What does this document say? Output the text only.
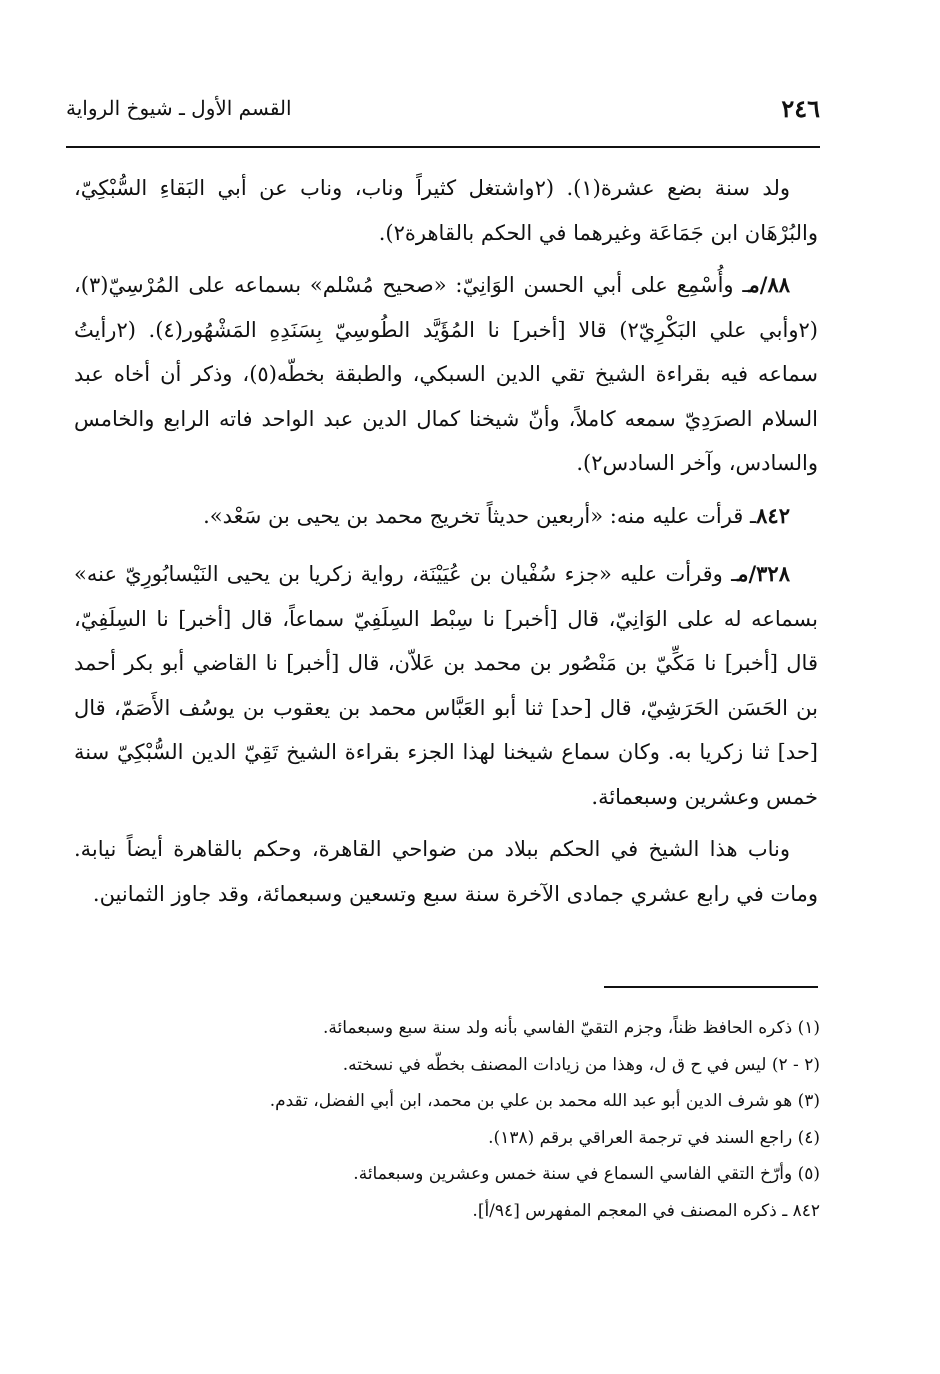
٢٤٦
القسم الأول ـ شيوخ الرواية

ولد سنة بضع عشرة(١). (٢واشتغل كثيراً وناب، وناب عن أبي البَقاءِ السُّبْكِيّ، والبُرْهَان ابن جَمَاعَة وغيرهما في الحكم بالقاهرة٢).

٨٨/مـ وأُسْمِع على أبي الحسن الوَانِيّ: «صحيح مُسْلم» بسماعه على المُرْسِيّ(٣)، (٢وأبي علي البَكْرِيّ٢) قالا [أخبر] نا المُؤَيَّد الطُوسِيّ بِسَنَدِهِ المَشْهُور(٤). (٢رأيتُ سماعه فيه بقراءة الشيخ تقي الدين السبكي، والطبقة بخطّه(٥)، وذكر أن أخاه عبد السلام الصرَدِيّ سمعه كاملاً، وأنّ شيخنا كمال الدين عبد الواحد فاته الرابع والخامس والسادس، وآخر السادس٢).

٨٤٢ـ قرأت عليه منه: «أربعين حديثاً تخريج محمد بن يحيى بن سَعْد».

٣٢٨/مـ وقرأت عليه «جزء سُفْيان بن عُيَيْنَة، رواية زكريا بن يحيى النَيْسابُورِيّ عنه» بسماعه له على الوَانِيّ، قال [أخبر] نا سِبْط السِلَفِيّ سماعاً، قال [أخبر] نا السِلَفِيّ، قال [أخبر] نا مَكِّيّ بن مَنْصُور بن محمد بن عَلاّن، قال [أخبر] نا القاضي أبو بكر أحمد بن الحَسَن الحَرَشِيّ، قال [حد] ثنا أبو العَبَّاس محمد بن يعقوب بن يوسُف الأَصَمّ، قال [حد] ثنا زكريا به. وكان سماع شيخنا لهذا الجزء بقراءة الشيخ تَقِيّ الدين السُّبْكِيّ سنة خمس وعشرين وسبعمائة.

وناب هذا الشيخ في الحكم ببلاد من ضواحي القاهرة، وحكم بالقاهرة أيضاً نيابة. ومات في رابع عشري جمادى الآخرة سنة سبع وتسعين وسبعمائة، وقد جاوز الثمانين.

(١) ذكره الحافظ ظناً، وجزم التقيّ الفاسي بأنه ولد سنة سبع وسبعمائة.

(٢ - ٢) ليس في ح ق ل، وهذا من زيادات المصنف بخطّه في نسخته.

(٣) هو شرف الدين أبو عبد الله محمد بن علي بن محمد، ابن أبي الفضل، تقدم.

(٤) راجع السند في ترجمة العراقي برقم (١٣٨).

(٥) وأرّخ التقي الفاسي السماع في سنة خمس وعشرين وسبعمائة.

٨٤٢ ـ ذكره المصنف في المعجم المفهرس [٩٤/أ].
